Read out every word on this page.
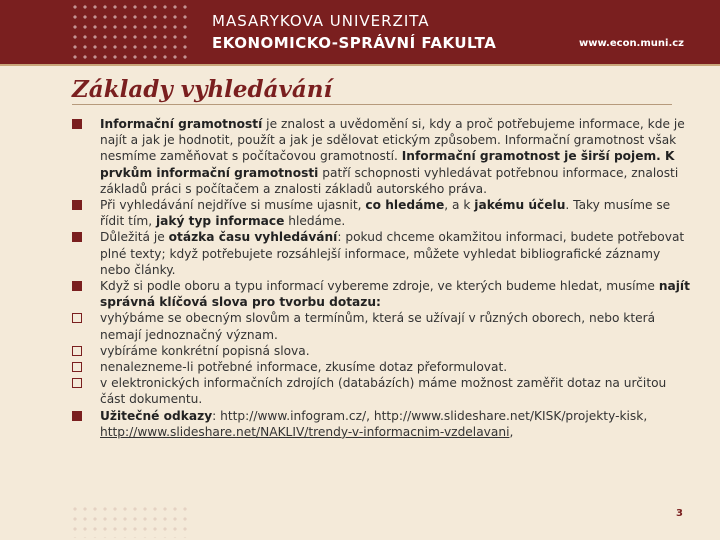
MASARYKOVA UNIVERZITA
EKONOMICKO-SPRÁVNÍ FAKULTA	www.econ.muni.cz
Základy vyhledávání
Informační gramotností je znalost a uvědomění si, kdy a proč potřebujeme informace, kde je najít a jak je hodnotit, použít a jak je sdělovat etickým způsobem. Informační gramotnost však nesmíme zaměňovat s počítačovou gramotností. Informační gramotnost je širší pojem. K prvkům informační gramotnosti patří schopnosti vyhledávat potřebnou informace, znalosti základů práci s počítačem a znalosti základů autorského práva.
Při vyhledávání nejdříve si musíme ujasnit, co hledáme, a k jakému účelu. Taky musíme se řídit tím, jaký typ informace hledáme.
Důležitá je otázka času vyhledávání: pokud chceme okamžitou informaci, budete potřebovat plné texty; když potřebujete rozsáhlejší informace, můžete vyhledat bibliografické záznamy nebo články.
Když si podle oboru a typu informací vybereme zdroje, ve kterých budeme hledat, musíme najít správná klíčová slova pro tvorbu dotazu:
vyhýbáme se obecným slovům a termínům, která se užívají v různých oborech, nebo která nemají jednoznačný význam.
vybíráme konkrétní popisná slova.
nenalezneme-li potřebné informace, zkusíme dotaz přeformulovat.
v elektronických informačních zdrojích (databázích) máme možnost zaměřit dotaz na určitou část dokumentu.
Užitečné odkazy: http://www.infogram.cz/, http://www.slideshare.net/KISK/projekty-kisk, http://www.slideshare.net/NAKLIV/trendy-v-informacnim-vzdelavani,
3
